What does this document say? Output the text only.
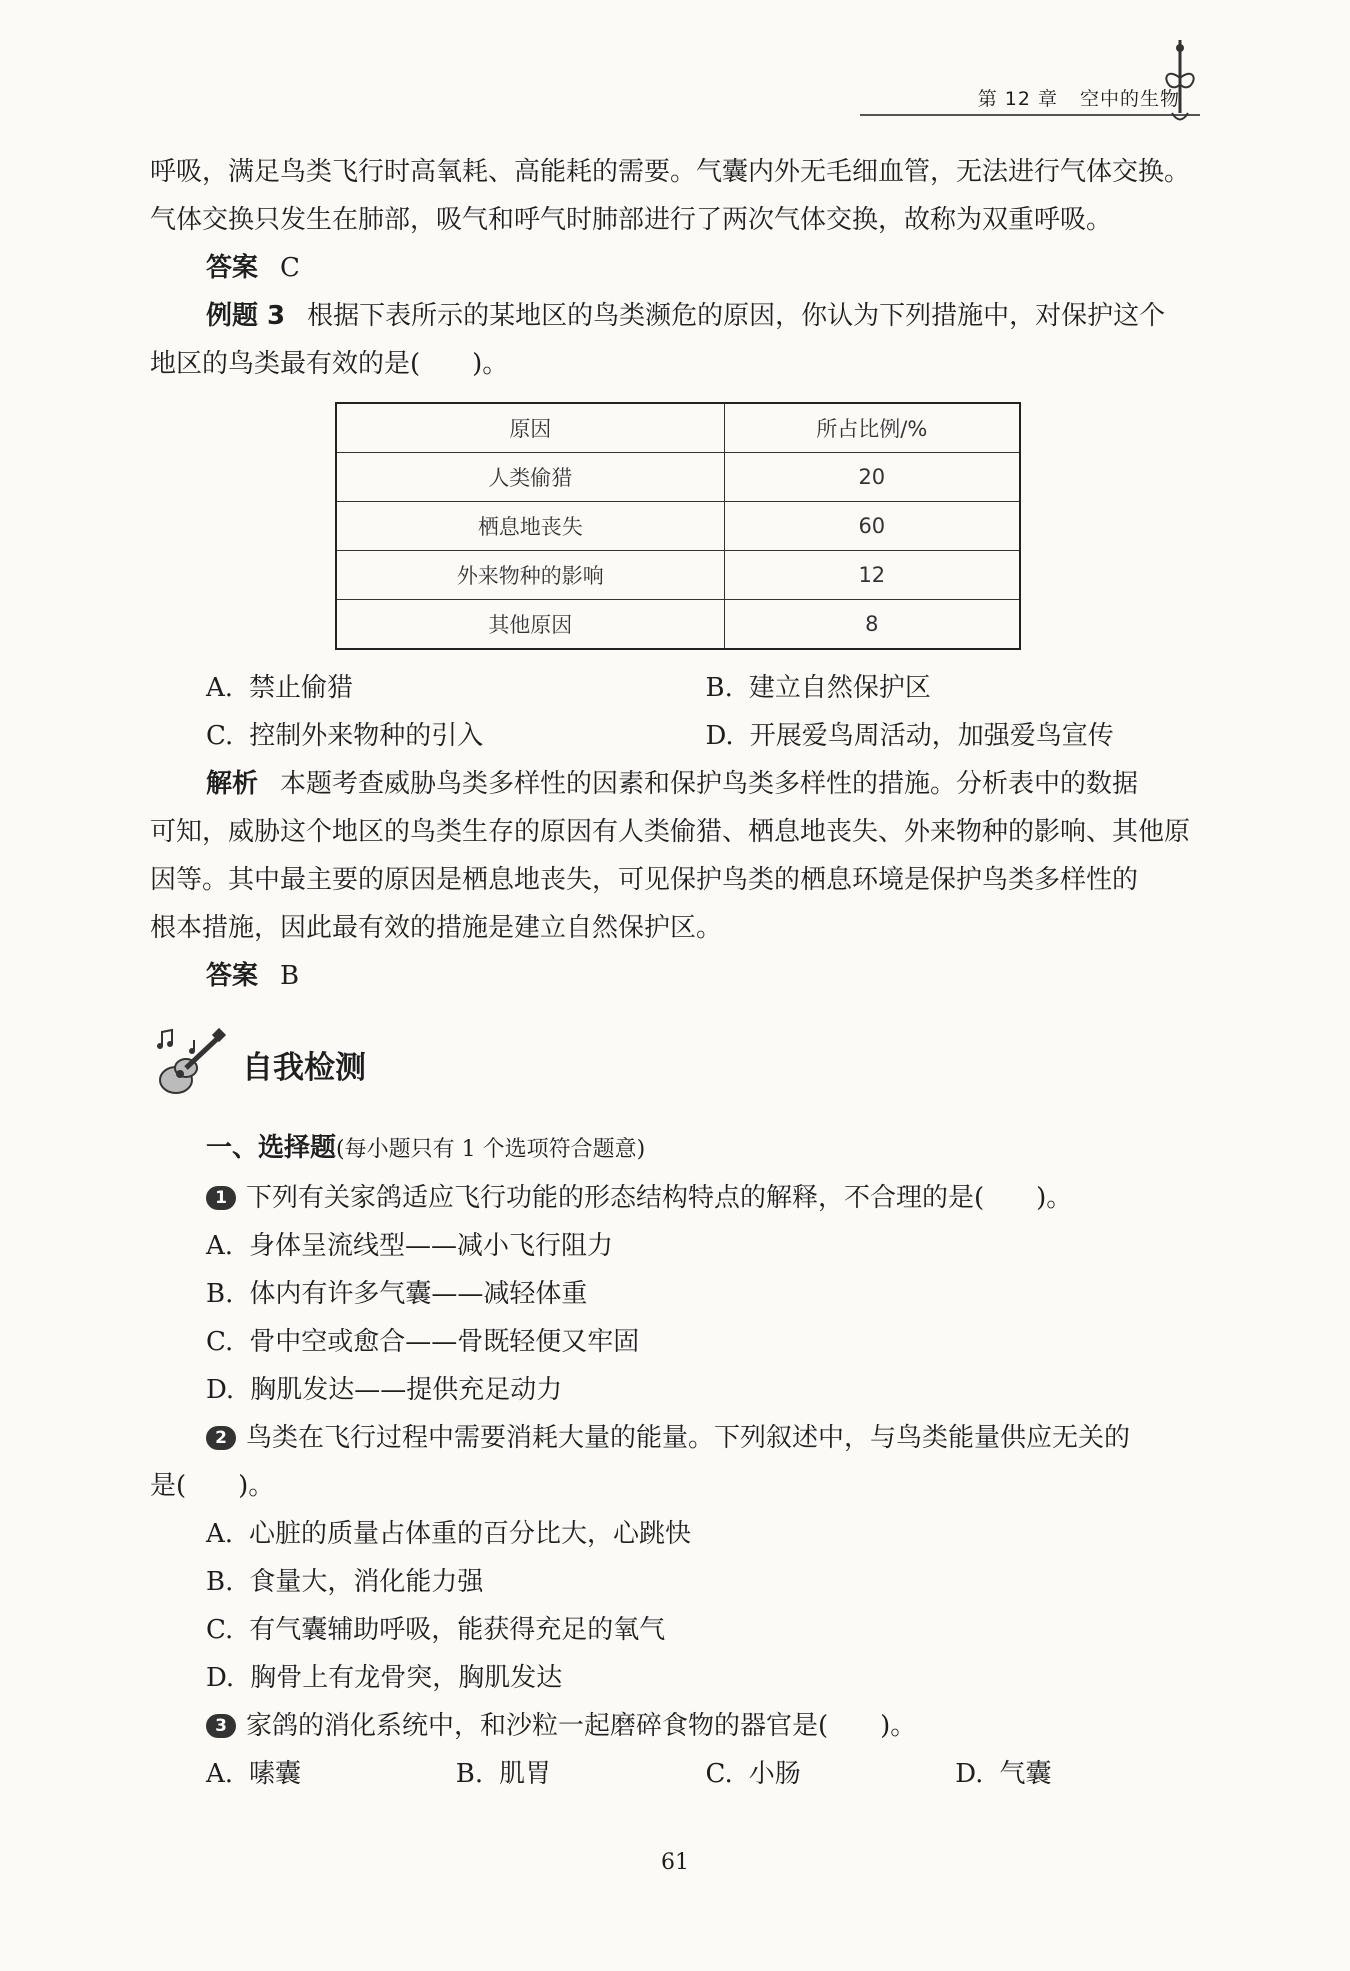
第 12 章 空中的生物

呼吸，满足鸟类飞行时高氧耗、高能耗的需要。气囊内外无毛细血管，无法进行气体交换。

气体交换只发生在肺部，吸气和呼气时肺部进行了两次气体交换，故称为双重呼吸。

答案 C

例题 3 根据下表所示的某地区的鸟类濒危的原因，你认为下列措施中，对保护这个

地区的鸟类最有效的是(　　)。

原因	所占比例/%
人类偷猎	20
栖息地丧失	60
外来物种的影响	12
其他原因	8
A. 禁止偷猎	B. 建立自然保护区
C. 控制外来物种的引入	D. 开展爱鸟周活动，加强爱鸟宣传

解析 本题考查威胁鸟类多样性的因素和保护鸟类多样性的措施。分析表中的数据

可知，威胁这个地区的鸟类生存的原因有人类偷猎、栖息地丧失、外来物种的影响、其他原

因等。其中最主要的原因是栖息地丧失，可见保护鸟类的栖息环境是保护鸟类多样性的

根本措施，因此最有效的措施是建立自然保护区。

答案 B

自我检测

一、选择题(每小题只有 1 个选项符合题意)

1 下列有关家鸽适应飞行功能的形态结构特点的解释，不合理的是(　　)。

A. 身体呈流线型——减小飞行阻力
B. 体内有许多气囊——减轻体重
C. 骨中空或愈合——骨既轻便又牢固
D. 胸肌发达——提供充足动力

2 鸟类在飞行过程中需要消耗大量的能量。下列叙述中，与鸟类能量供应无关的

是(　　)。

A. 心脏的质量占体重的百分比大，心跳快
B. 食量大，消化能力强
C. 有气囊辅助呼吸，能获得充足的氧气
D. 胸骨上有龙骨突，胸肌发达

3 家鸽的消化系统中，和沙粒一起磨碎食物的器官是(　　)。

A. 嗉囊	B. 肌胃	C. 小肠	D. 气囊
61
